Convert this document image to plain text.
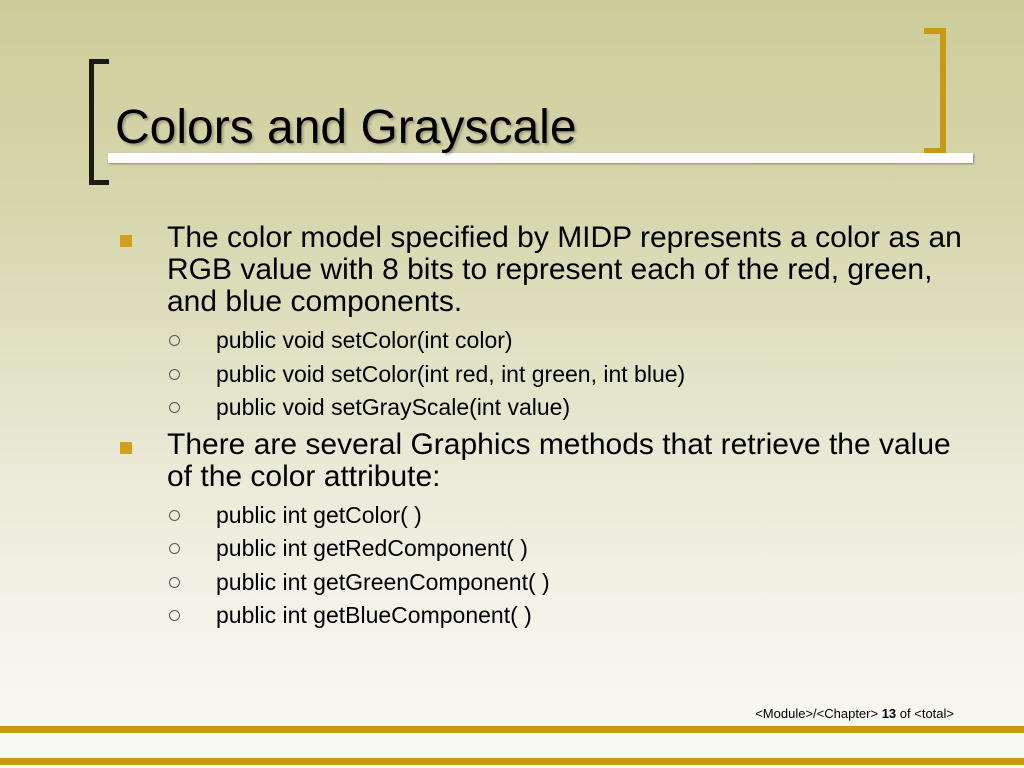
Colors and Grayscale
The color model specified by MIDP represents a color as an RGB value with 8 bits to represent each of the red, green, and blue components.
public void setColor(int color)
public void setColor(int red, int green, int blue)
public void setGrayScale(int value)
There are several Graphics methods that retrieve the value of the color attribute:
public int getColor( )
public int getRedComponent( )
public int getGreenComponent( )
public int getBlueComponent( )
<Module>/<Chapter> 13 of <total>
